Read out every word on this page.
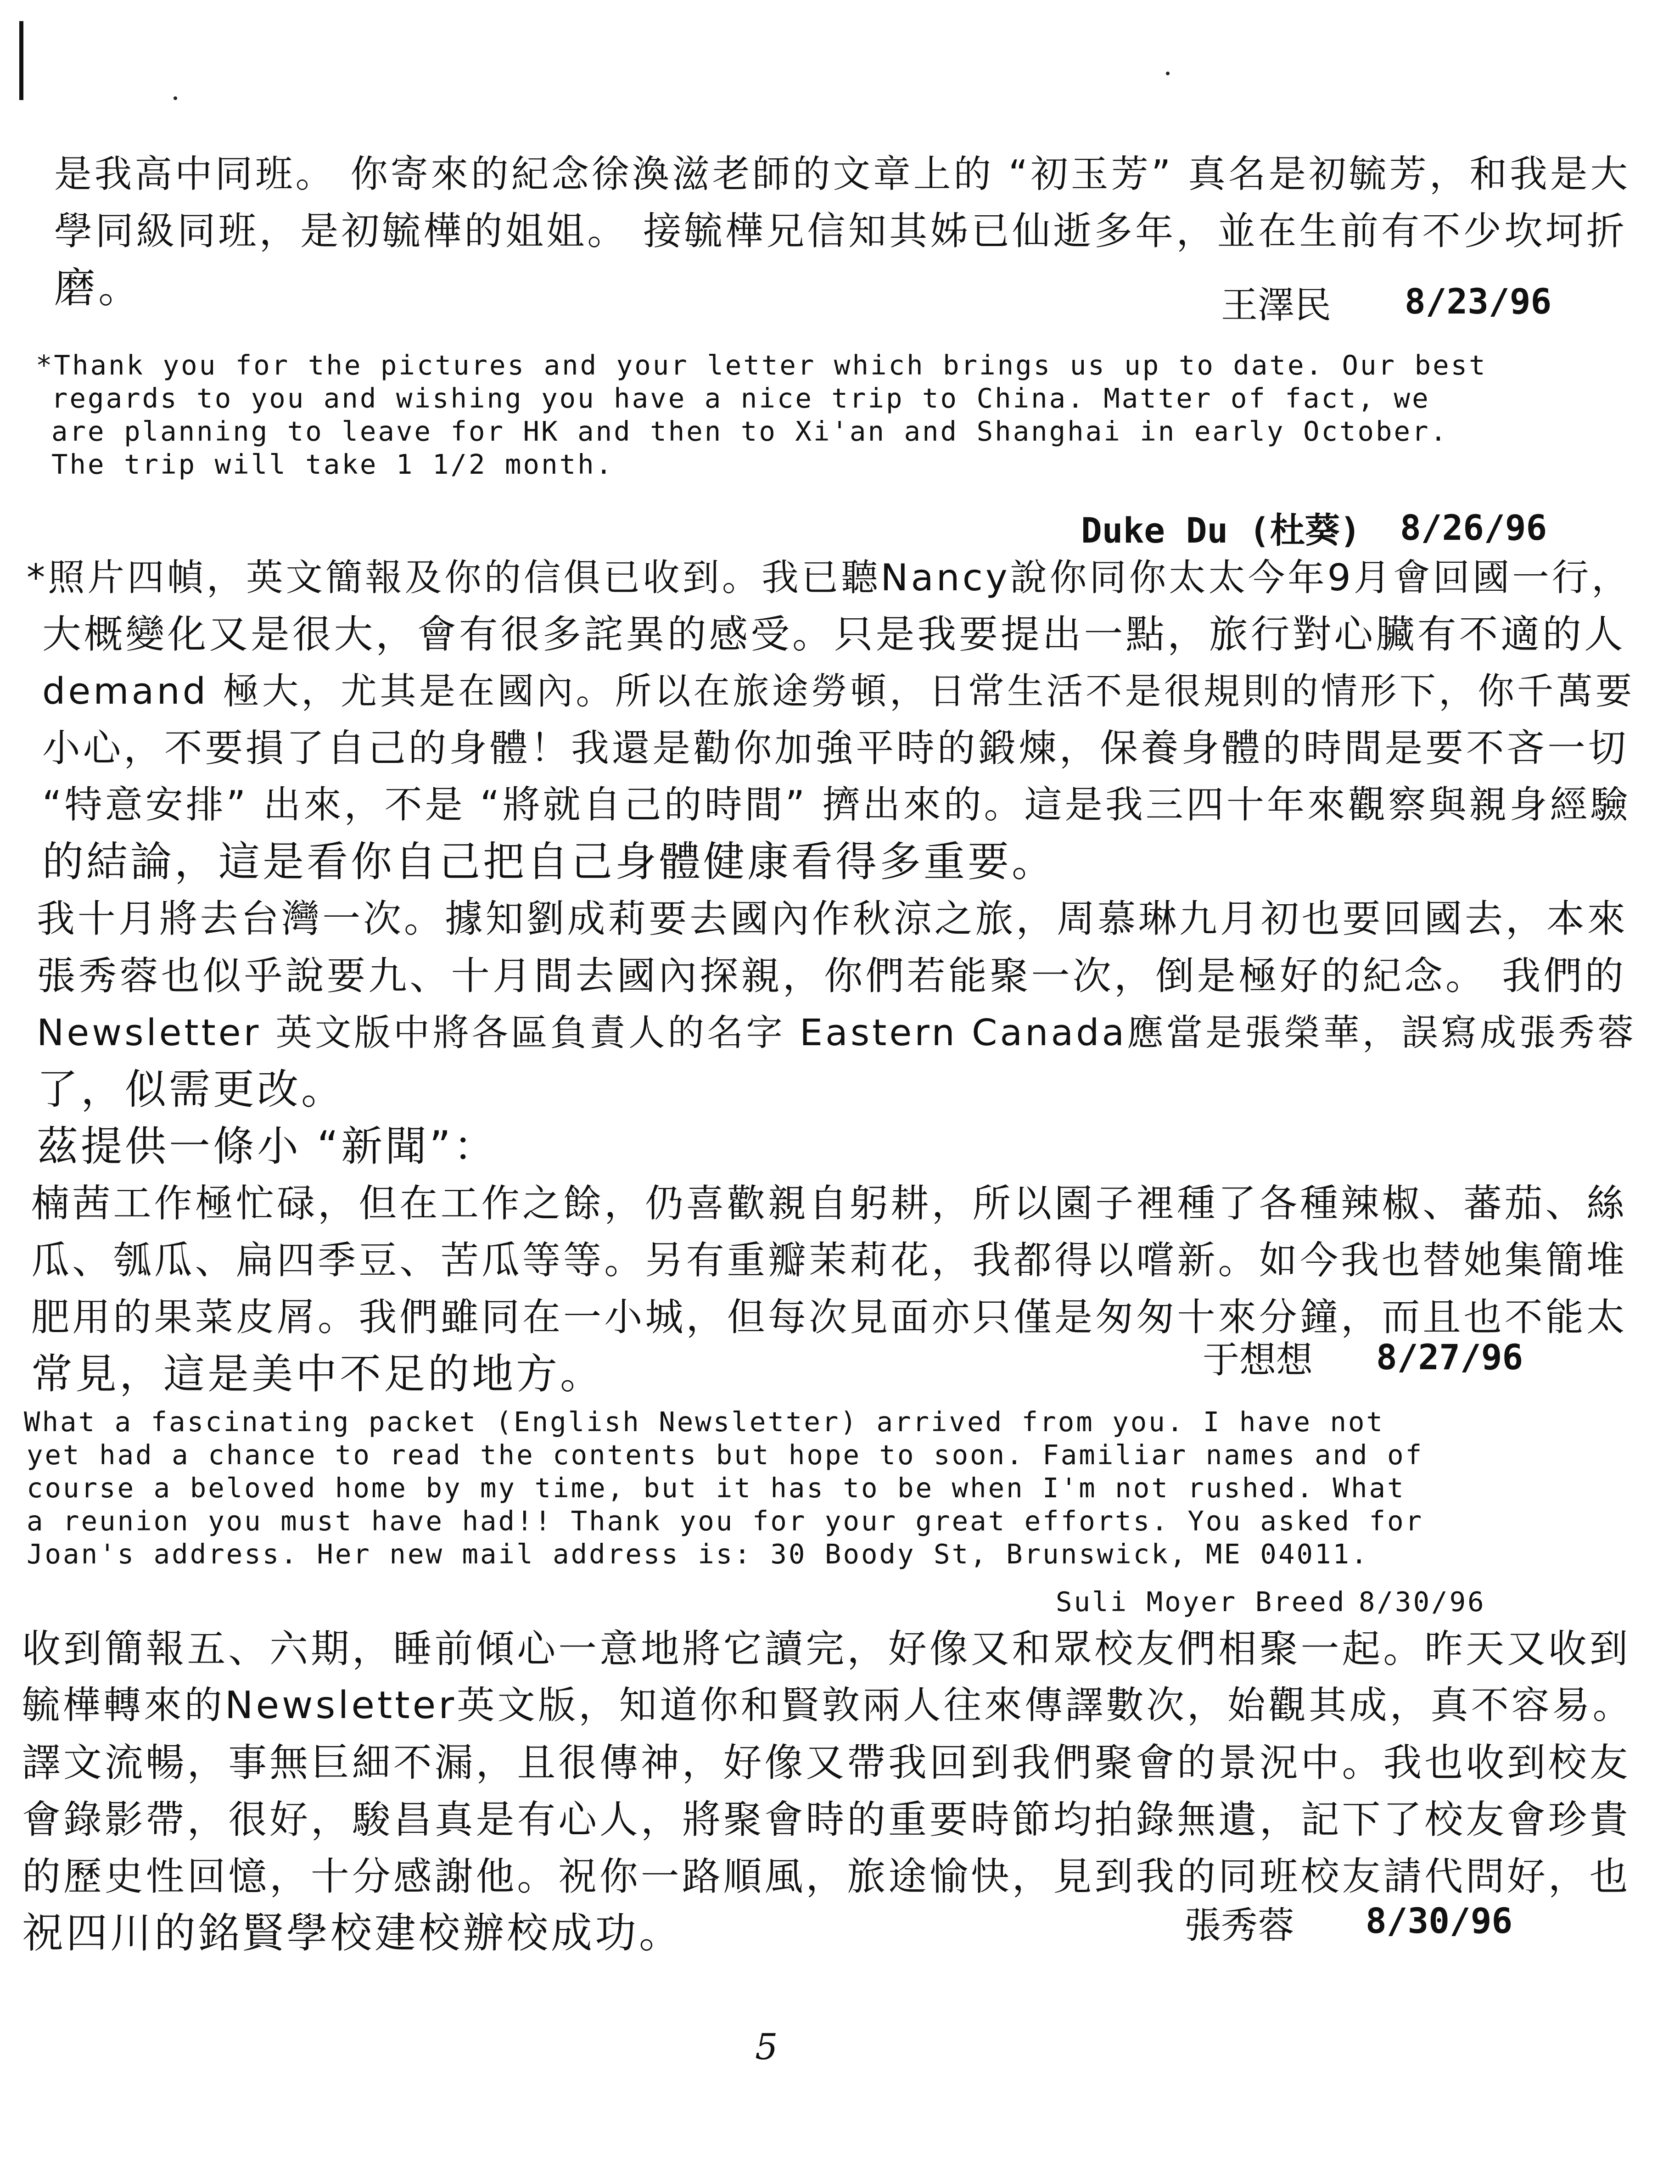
是我高中同班。 你寄來的紀念徐渙滋老師的文章上的 “初玉芳” 真名是初毓芳，和我是大
學同級同班，是初毓樺的姐姐。 接毓樺兄信知其姊已仙逝多年，並在生前有不少坎坷折
磨。	王澤民 8/23/96
*Thank you for the pictures and your letter which brings us up to date. Our best
regards to you and wishing you have a nice trip to China. Matter of fact, we
are planning to leave for HK and then to Xi'an and Shanghai in early October.
The trip will take 1 1/2 month.
Duke Du (杜葵) 8/26/96
*照片四幀，英文簡報及你的信俱已收到。我已聽Nancy說你同你太太今年9月會回國一行，
大概變化又是很大，會有很多詫異的感受。只是我要提出一點，旅行對心臟有不適的人
demand 極大，尤其是在國內。所以在旅途勞頓，日常生活不是很規則的情形下，你千萬要
小心，不要損了自己的身體！我還是勸你加強平時的鍛煉，保養身體的時間是要不吝一切
“特意安排” 出來，不是 “將就自己的時間” 擠出來的。這是我三四十年來觀察與親身經驗
的結論，這是看你自己把自己身體健康看得多重要。
我十月將去台灣一次。據知劉成莉要去國內作秋涼之旅，周慕琳九月初也要回國去，本來
張秀蓉也似乎說要九、十月間去國內探親，你們若能聚一次，倒是極好的紀念。 我們的
Newsletter 英文版中將各區負責人的名字 Eastern Canada應當是張榮華，誤寫成張秀蓉
了，似需更改。
茲提供一條小 “新聞”：
楠茜工作極忙碌，但在工作之餘，仍喜歡親自躬耕，所以園子裡種了各種辣椒、蕃茄、絲
瓜、瓠瓜、扁四季豆、苦瓜等等。另有重瓣茉莉花，我都得以嚐新。如今我也替她集簡堆
肥用的果菜皮屑。我們雖同在一小城，但每次見面亦只僅是匆匆十來分鐘，而且也不能太
常見，這是美中不足的地方。	于想想 8/27/96
What a fascinating packet (English Newsletter) arrived from you. I have not
yet had a chance to read the contents but hope to soon. Familiar names and of
course a beloved home by my time, but it has to be when I'm not rushed. What
a reunion you must have had!! Thank you for your great efforts. You asked for
Joan's address. Her new mail address is: 30 Boody St, Brunswick, ME 04011.
Suli Moyer Breed 8/30/96
收到簡報五、六期，睡前傾心一意地將它讀完，好像又和眾校友們相聚一起。昨天又收到
毓樺轉來的Newsletter英文版，知道你和賢敦兩人往來傳譯數次，始觀其成，真不容易。
譯文流暢，事無巨細不漏，且很傳神，好像又帶我回到我們聚會的景況中。我也收到校友
會錄影帶，很好，駿昌真是有心人，將聚會時的重要時節均拍錄無遺，記下了校友會珍貴
的歷史性回憶，十分感謝他。祝你一路順風，旅途愉快，見到我的同班校友請代問好，也
祝四川的銘賢學校建校辦校成功。	張秀蓉 8/30/96
5
